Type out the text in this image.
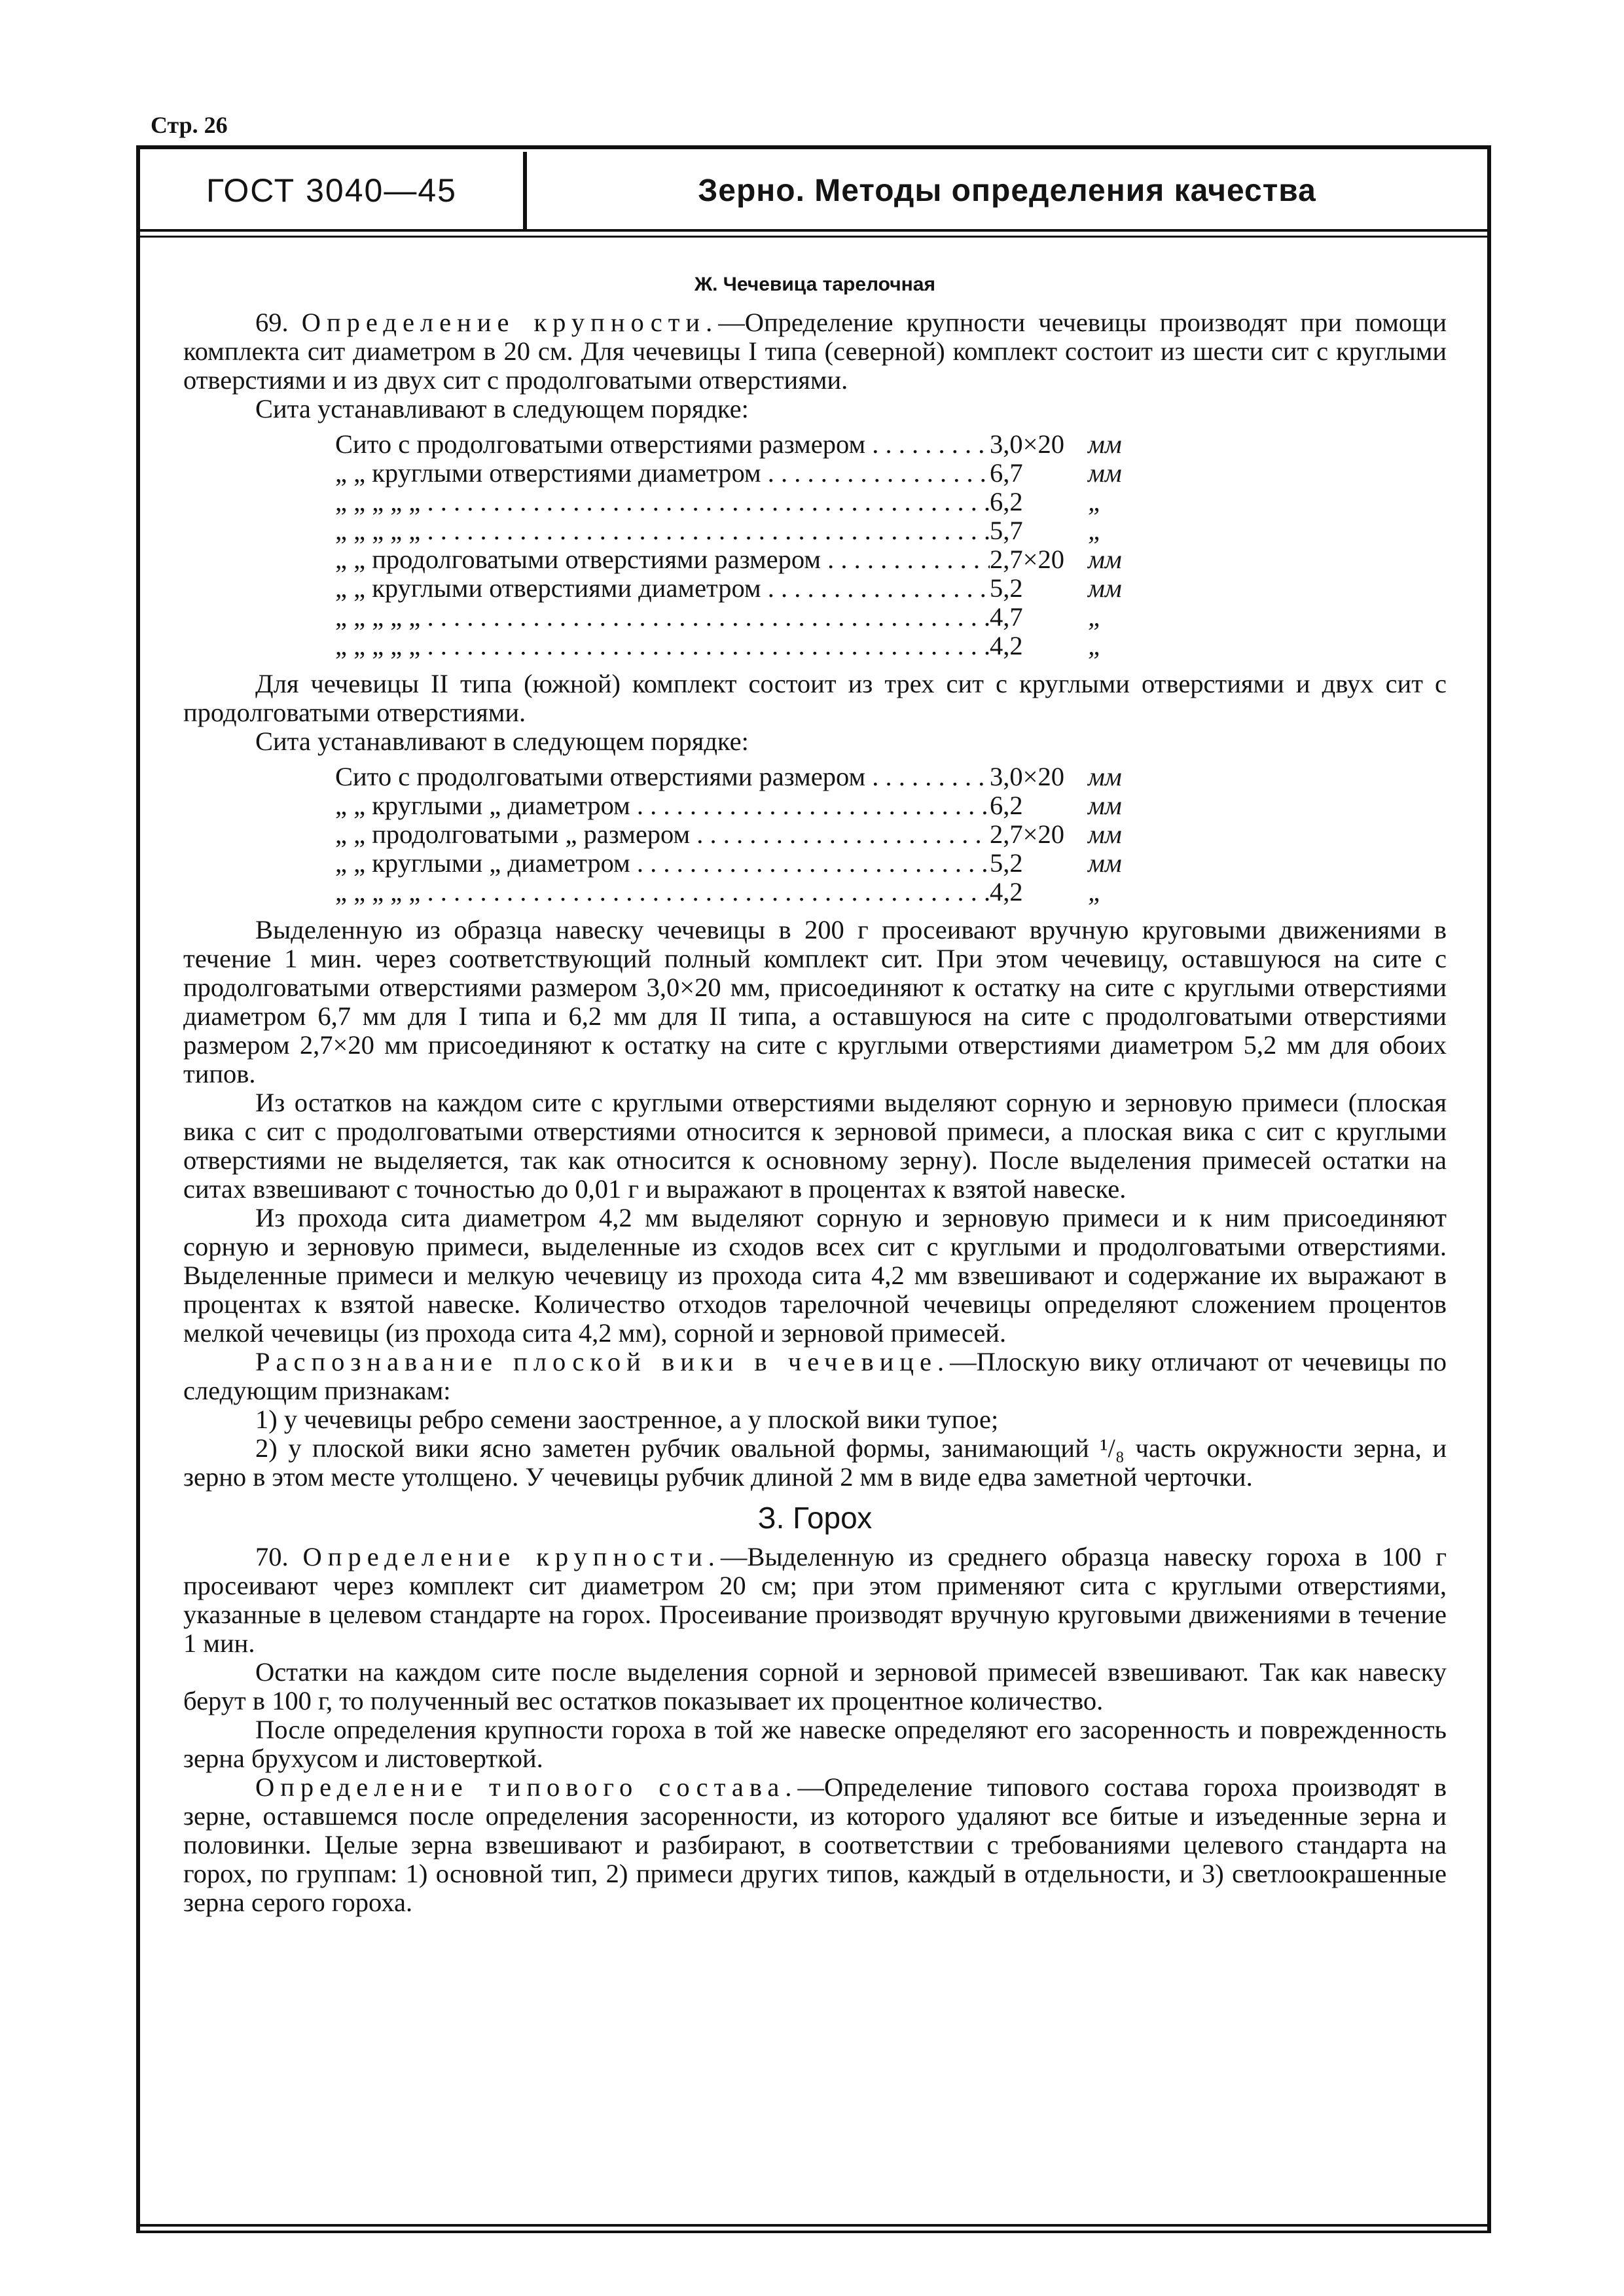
Стр. 26
ГОСТ 3040—45	Зерно. Методы определения качества
Ж. Чечевица тарелочная

69. Определение крупности.—Определение крупности чечевицы производят при помощи комплекта сит диаметром в 20 см. Для чечевицы I типа (северной) комплект состоит из шести сит с круглыми отверстиями и из двух сит с продолговатыми отверстиями.

Сита устанавливают в следующем порядке:

Сито с продолговатыми отверстиями размером . . .	3,0×20 мм
„ „ круглыми отверстиями диаметром . . .	6,7	мм
„ „ „ „ „ . . .	6,2	„
„ „ „ „ „ . . .	5,7	„
„ „ продолговатыми отверстиями размером . . .	2,7×20 мм
„ „ круглыми отверстиями диаметром . . .	5,2	мм
„ „ „ „ „ . . .	4,7	„
„ „ „ „ „ . . .	4,2	„

Для чечевицы II типа (южной) комплект состоит из трех сит с круглыми отверстиями и двух сит с продолговатыми отверстиями.

Сита устанавливают в следующем порядке:

Сито с продолговатыми отверстиями размером . . .	3,0×20 мм
„ „ круглыми „ диаметром . . .	6,2	мм
„ „ продолговатыми „ размером . . .	2,7×20 мм
„ „ круглыми „ диаметром . . .	5,2	мм
„ „ „ „ „ . . .	4,2	„

Выделенную из образца навеску чечевицы в 200 г просеивают вручную круговыми движениями в течение 1 мин. через соответствующий полный комплект сит. При этом чечевицу, оставшуюся на сите с продолговатыми отверстиями размером 3,0×20 мм, присоединяют к остатку на сите с круглыми отверстиями диаметром 6,7 мм для I типа и 6,2 мм для II типа, а оставшуюся на сите с продолговатыми отверстиями размером 2,7×20 мм присоединяют к остатку на сите с круглыми отверстиями диаметром 5,2 мм для обоих типов.

Из остатков на каждом сите с круглыми отверстиями выделяют сорную и зерновую примеси (плоская вика с сит с продолговатыми отверстиями относится к зерновой примеси, а плоская вика с сит с круглыми отверстиями не выделяется, так как относится к основному зерну). После выделения примесей остатки на ситах взвешивают с точностью до 0,01 г и выражают в процентах к взятой навеске.

Из прохода сита диаметром 4,2 мм выделяют сорную и зерновую примеси и к ним присоединяют сорную и зерновую примеси, выделенные из сходов всех сит с круглыми и продолговатыми отверстиями. Выделенные примеси и мелкую чечевицу из прохода сита 4,2 мм взвешивают и содержание их выражают в процентах к взятой навеске. Количество отходов тарелочной чечевицы определяют сложением процентов мелкой чечевицы (из прохода сита 4,2 мм), сорной и зерновой примесей.

Распознавание плоской вики в чечевице.—Плоскую вику отличают от чечевицы по следующим признакам:

1) у чечевицы ребро семени заостренное, а у плоской вики тупое;

2) у плоской вики ясно заметен рубчик овальной формы, занимающий ¹/₈ часть окружности зерна, и зерно в этом месте утолщено. У чечевицы рубчик длиной 2 мм в виде едва заметной черточки.

З. Горох

70. Определение крупности.—Выделенную из среднего образца навеску гороха в 100 г просеивают через комплект сит диаметром 20 см; при этом применяют сита с круглыми отверстиями, указанные в целевом стандарте на горох. Просеивание производят вручную круговыми движениями в течение 1 мин.

Остатки на каждом сите после выделения сорной и зерновой примесей взвешивают. Так как навеску берут в 100 г, то полученный вес остатков показывает их процентное количество.

После определения крупности гороха в той же навеске определяют его засоренность и поврежденность зерна брухусом и листоверткой.

Определение типового состава.—Определение типового состава гороха производят в зерне, оставшемся после определения засоренности, из которого удаляют все битые и изъеденные зерна и половинки. Целые зерна взвешивают и разбирают, в соответствии с требованиями целевого стандарта на горох, по группам: 1) основной тип, 2) примеси других типов, каждый в отдельности, и 3) светлоокрашенные зерна серого гороха.
